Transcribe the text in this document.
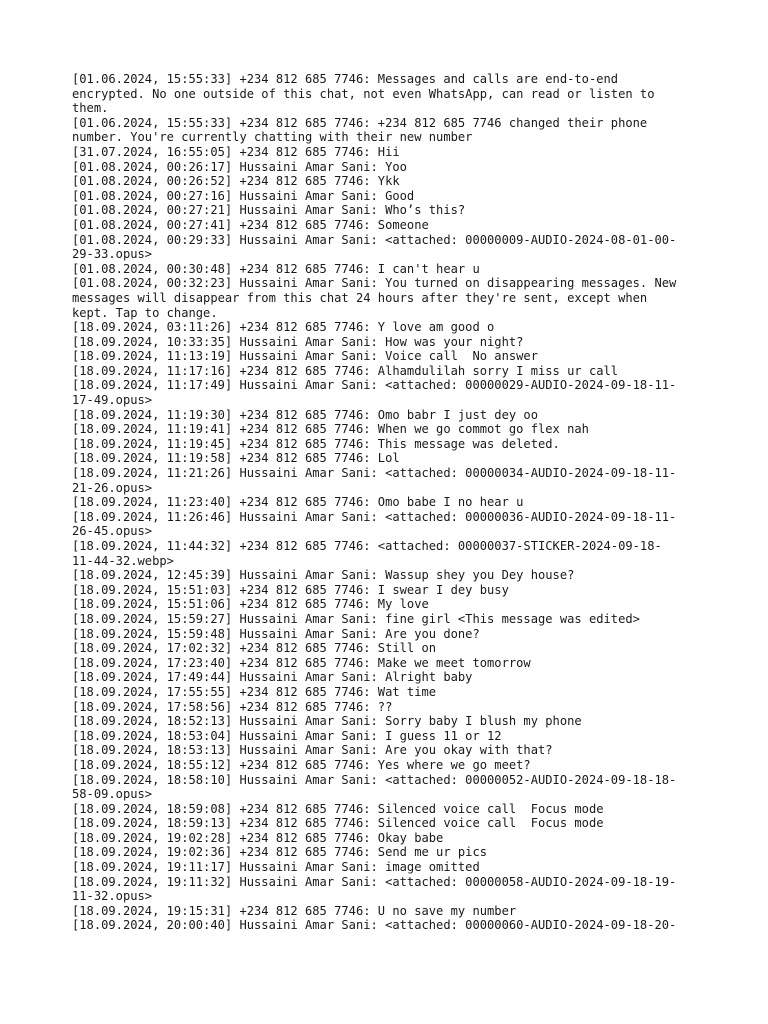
[01.06.2024, 15:55:33] +234 812 685 7746: Messages and calls are end-to-end
encrypted. No one outside of this chat, not even WhatsApp, can read or listen to
them.
[01.06.2024, 15:55:33] +234 812 685 7746: +234 812 685 7746 changed their phone
number. You're currently chatting with their new number
[31.07.2024, 16:55:05] +234 812 685 7746: Hii
[01.08.2024, 00:26:17] Hussaini Amar Sani: Yoo
[01.08.2024, 00:26:52] +234 812 685 7746: Ykk
[01.08.2024, 00:27:16] Hussaini Amar Sani: Good
[01.08.2024, 00:27:21] Hussaini Amar Sani: Who’s this?
[01.08.2024, 00:27:41] +234 812 685 7746: Someone
[01.08.2024, 00:29:33] Hussaini Amar Sani: <attached: 00000009-AUDIO-2024-08-01-00-
29-33.opus>
[01.08.2024, 00:30:48] +234 812 685 7746: I can't hear u
[01.08.2024, 00:32:23] Hussaini Amar Sani: You turned on disappearing messages. New
messages will disappear from this chat 24 hours after they're sent, except when
kept. Tap to change.
[18.09.2024, 03:11:26] +234 812 685 7746: Y love am good o
[18.09.2024, 10:33:35] Hussaini Amar Sani: How was your night?
[18.09.2024, 11:13:19] Hussaini Amar Sani: Voice call  No answer
[18.09.2024, 11:17:16] +234 812 685 7746: Alhamdulilah sorry I miss ur call
[18.09.2024, 11:17:49] Hussaini Amar Sani: <attached: 00000029-AUDIO-2024-09-18-11-
17-49.opus>
[18.09.2024, 11:19:30] +234 812 685 7746: Omo babr I just dey oo
[18.09.2024, 11:19:41] +234 812 685 7746: When we go commot go flex nah
[18.09.2024, 11:19:45] +234 812 685 7746: This message was deleted.
[18.09.2024, 11:19:58] +234 812 685 7746: Lol
[18.09.2024, 11:21:26] Hussaini Amar Sani: <attached: 00000034-AUDIO-2024-09-18-11-
21-26.opus>
[18.09.2024, 11:23:40] +234 812 685 7746: Omo babe I no hear u
[18.09.2024, 11:26:46] Hussaini Amar Sani: <attached: 00000036-AUDIO-2024-09-18-11-
26-45.opus>
[18.09.2024, 11:44:32] +234 812 685 7746: <attached: 00000037-STICKER-2024-09-18-
11-44-32.webp>
[18.09.2024, 12:45:39] Hussaini Amar Sani: Wassup shey you Dey house?
[18.09.2024, 15:51:03] +234 812 685 7746: I swear I dey busy
[18.09.2024, 15:51:06] +234 812 685 7746: My love
[18.09.2024, 15:59:27] Hussaini Amar Sani: fine girl <This message was edited>
[18.09.2024, 15:59:48] Hussaini Amar Sani: Are you done?
[18.09.2024, 17:02:32] +234 812 685 7746: Still on
[18.09.2024, 17:23:40] +234 812 685 7746: Make we meet tomorrow
[18.09.2024, 17:49:44] Hussaini Amar Sani: Alright baby
[18.09.2024, 17:55:55] +234 812 685 7746: Wat time
[18.09.2024, 17:58:56] +234 812 685 7746: ??
[18.09.2024, 18:52:13] Hussaini Amar Sani: Sorry baby I blush my phone
[18.09.2024, 18:53:04] Hussaini Amar Sani: I guess 11 or 12
[18.09.2024, 18:53:13] Hussaini Amar Sani: Are you okay with that?
[18.09.2024, 18:55:12] +234 812 685 7746: Yes where we go meet?
[18.09.2024, 18:58:10] Hussaini Amar Sani: <attached: 00000052-AUDIO-2024-09-18-18-
58-09.opus>
[18.09.2024, 18:59:08] +234 812 685 7746: Silenced voice call  Focus mode
[18.09.2024, 18:59:13] +234 812 685 7746: Silenced voice call  Focus mode
[18.09.2024, 19:02:28] +234 812 685 7746: Okay babe
[18.09.2024, 19:02:36] +234 812 685 7746: Send me ur pics
[18.09.2024, 19:11:17] Hussaini Amar Sani: image omitted
[18.09.2024, 19:11:32] Hussaini Amar Sani: <attached: 00000058-AUDIO-2024-09-18-19-
11-32.opus>
[18.09.2024, 19:15:31] +234 812 685 7746: U no save my number
[18.09.2024, 20:00:40] Hussaini Amar Sani: <attached: 00000060-AUDIO-2024-09-18-20-
